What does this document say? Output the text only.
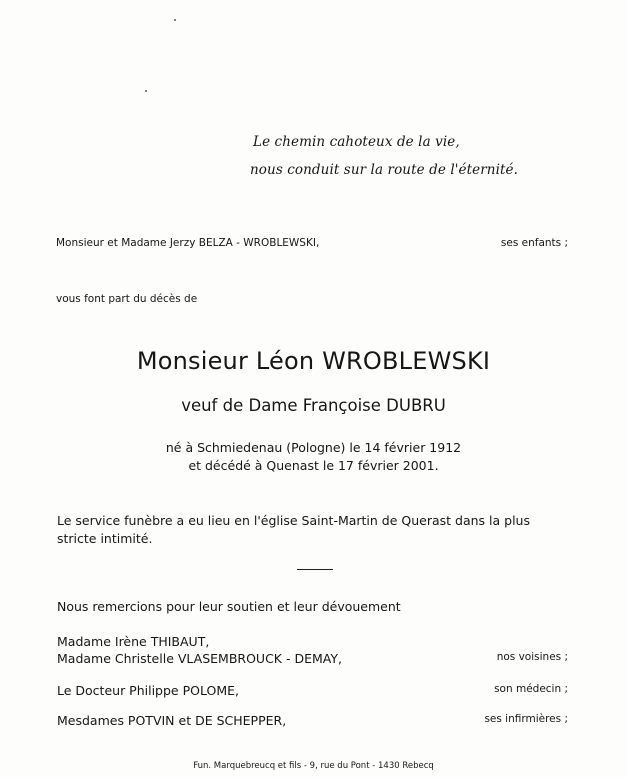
Le chemin cahoteux de la vie,
nous conduit sur la route de l'éternité.
Monsieur et Madame Jerzy BELZA - WROBLEWSKI,	ses enfants ;
vous font part du décès de
Monsieur Léon WROBLEWSKI
veuf de Dame Françoise DUBRU
né à Schmiedenau (Pologne) le 14 février 1912
et décédé à Quenast le 17 février 2001.
Le service funèbre a eu lieu en l'église Saint-Martin de Querast dans la plus
stricte intimité.
Nous remercions pour leur soutien et leur dévouement
Madame Irène THIBAUT,
Madame Christelle VLASEMBROUCK - DEMAY,	nos voisines ;
Le Docteur Philippe POLOME,	son médecin ;
Mesdames POTVIN et DE SCHEPPER,	ses infirmières ;
Fun. Marquebreucq et fils - 9, rue du Pont - 1430 Rebecq
